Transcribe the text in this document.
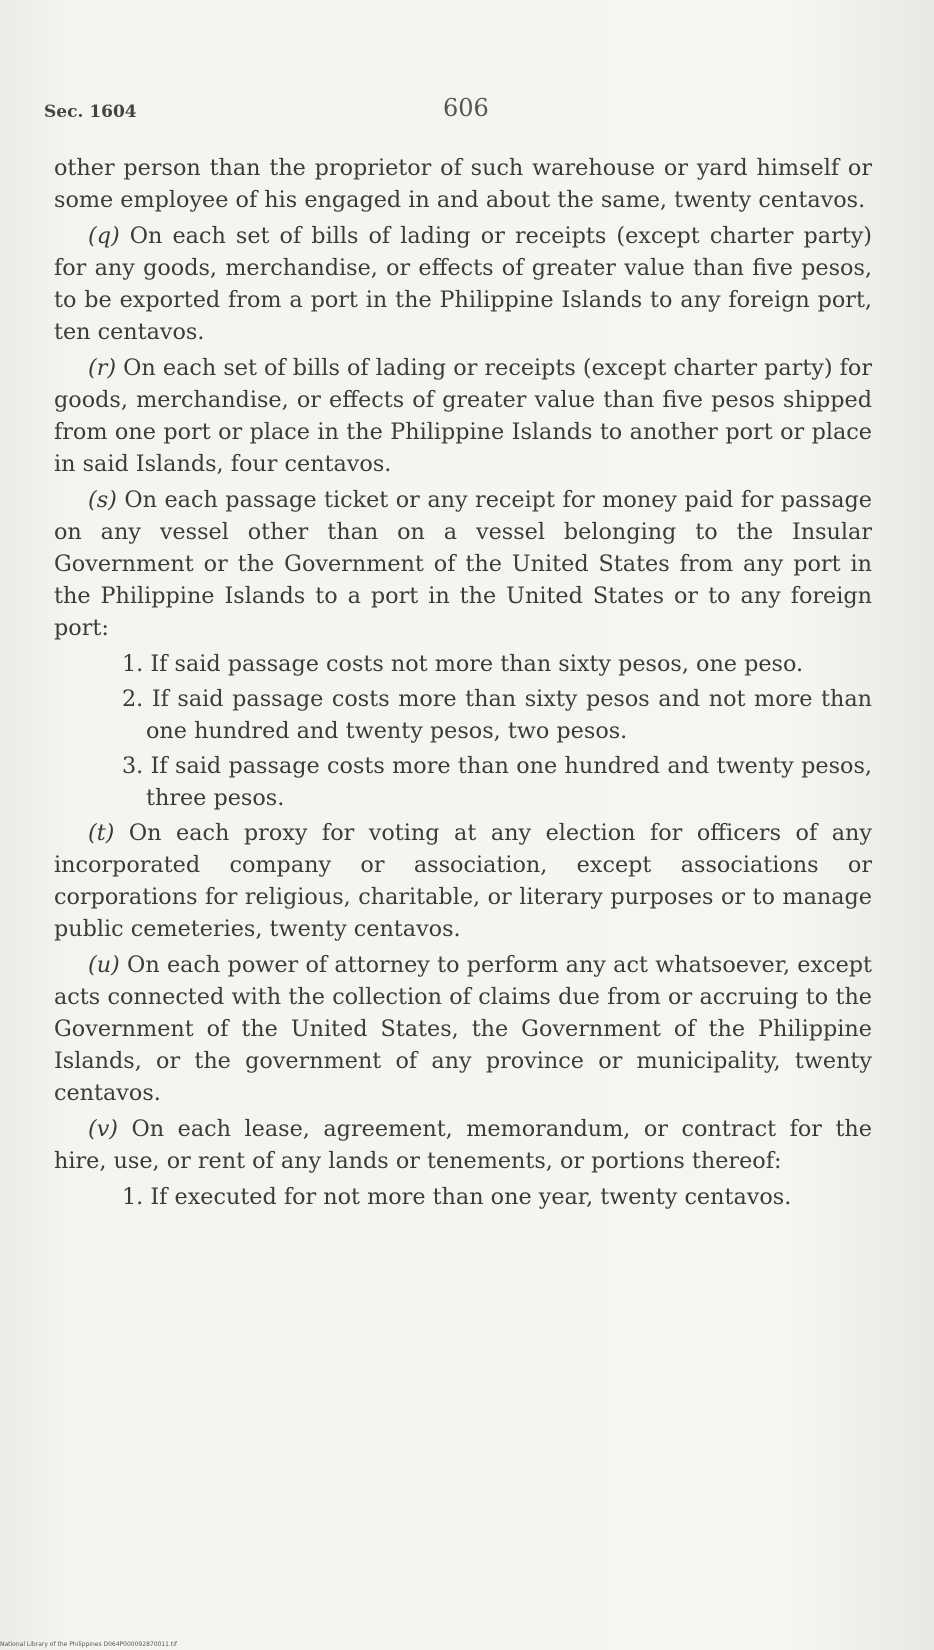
Sec. 1604	606

other person than the proprietor of such warehouse or yard himself or some employee of his engaged in and about the same, twenty centavos.

(q) On each set of bills of lading or receipts (except charter party) for any goods, merchandise, or effects of greater value than five pesos, to be exported from a port in the Philippine Islands to any foreign port, ten centavos.

(r) On each set of bills of lading or receipts (except charter party) for goods, merchandise, or effects of greater value than five pesos shipped from one port or place in the Philippine Islands to another port or place in said Islands, four centavos.

(s) On each passage ticket or any receipt for money paid for passage on any vessel other than on a vessel belonging to the Insular Government or the Government of the United States from any port in the Philippine Islands to a port in the United States or to any foreign port:

1. If said passage costs not more than sixty pesos, one peso.

2. If said passage costs more than sixty pesos and not more than one hundred and twenty pesos, two pesos.

3. If said passage costs more than one hundred and twenty pesos, three pesos.

(t) On each proxy for voting at any election for officers of any incorporated company or association, except associations or corporations for religious, charitable, or literary purposes or to manage public cemeteries, twenty centavos.

(u) On each power of attorney to perform any act whatsoever, except acts connected with the collection of claims due from or accruing to the Government of the United States, the Government of the Philippine Islands, or the government of any province or municipality, twenty centavos.

(v) On each lease, agreement, memorandum, or contract for the hire, use, or rent of any lands or tenements, or portions thereof:

1. If executed for not more than one year, twenty centavos.

National Library of the Philippines D064P000092870011.tif
